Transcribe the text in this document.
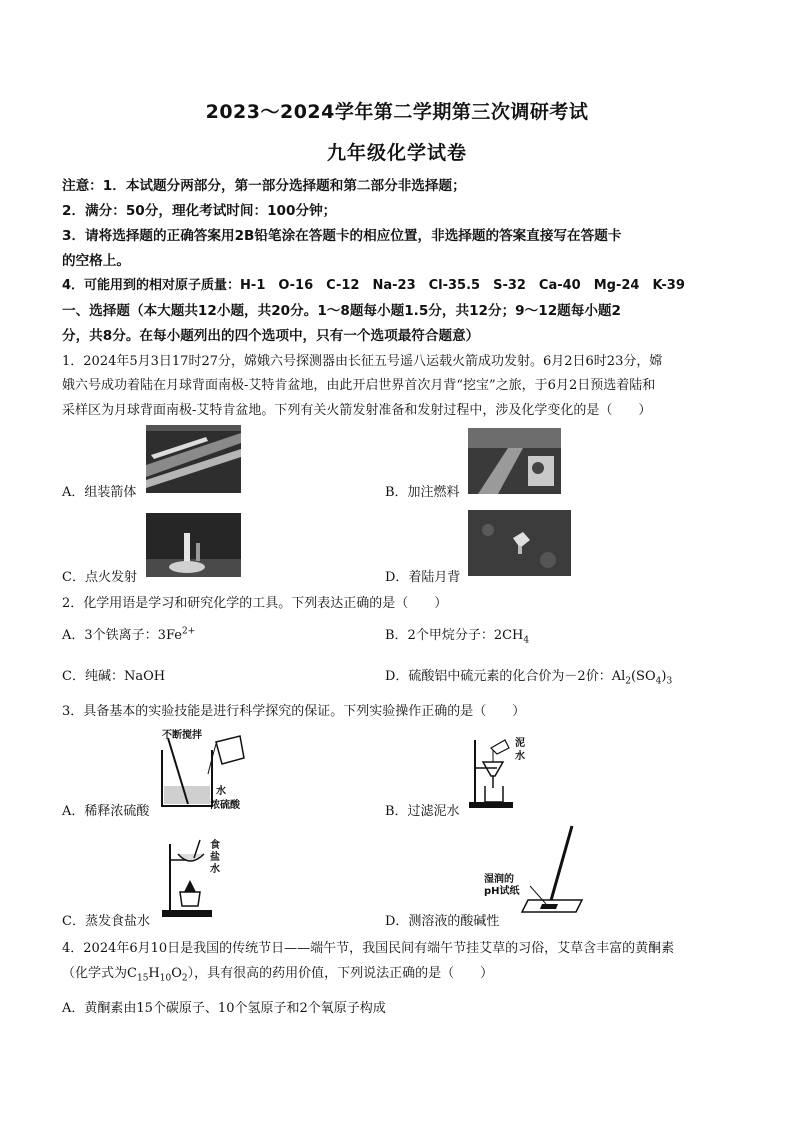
2023～2024学年第二学期第三次调研考试
九年级化学试卷
注意：1．本试题分两部分，第一部分选择题和第二部分非选择题；
2．满分：50分，理化考试时间：100分钟；
3．请将选择题的正确答案用2B铅笔涂在答题卡的相应位置，非选择题的答案直接写在答题卡
的空格上。
4．可能用到的相对原子质量：H-1　O-16　C-12　Na-23　Cl-35.5　S-32　Ca-40　Mg-24　K-39
一、选择题（本大题共12小题，共20分。1～8题每小题1.5分，共12分；9～12题每小题2
分，共8分。在每小题列出的四个选项中，只有一个选项最符合题意）
1．2024年5月3日17时27分，嫦娥六号探测器由长征五号遥八运载火箭成功发射。6月2日6时23分，嫦
娥六号成功着陆在月球背面南极-艾特肯盆地，由此开启世界首次月背“挖宝”之旅，于6月2日预选着陆和
采样区为月球背面南极-艾特肯盆地。下列有关火箭发射准备和发射过程中，涉及化学变化的是（　　）
A．组装箭体	B．加注燃料
C．点火发射	D．着陆月背
2．化学用语是学习和研究化学的工具。下列表达正确的是（　　）
A．3个铁离子：$3Fe^{2+}$	B．2个甲烷分子：$2CH_4$
C．纯碱：NaOH	D．硫酸铝中硫元素的化合价为－2价：$Al_2(SO_4)_3$
3．具备基本的实验技能是进行科学探究的保证。下列实验操作正确的是（　　）
不断搅拌
水
浓硫酸
泥
水
食
盐
水
湿润的
pH试纸
A．稀释浓硫酸	B．过滤泥水
C．蒸发食盐水	D．测溶液的酸碱性
4．2024年6月10日是我国的传统节日——端午节，我国民间有端午节挂艾草的习俗，艾草含丰富的黄酮素
（化学式为$C_{15}H_{10}O_2$），具有很高的药用价值，下列说法正确的是（　　）
A．黄酮素由15个碳原子、10个氢原子和2个氧原子构成
